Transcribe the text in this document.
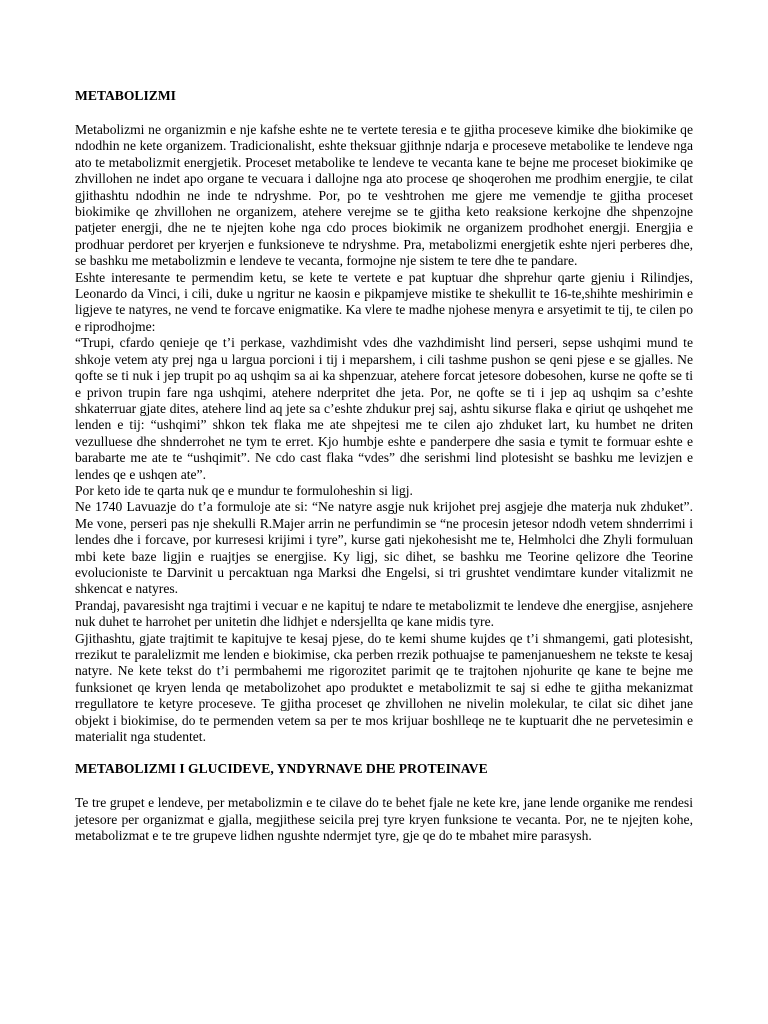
METABOLIZMI

Metabolizmi ne organizmin e nje kafshe eshte ne te vertete teresia e te gjitha proceseve kimike dhe biokimike qe ndodhin ne kete organizem. Tradicionalisht, eshte theksuar gjithnje ndarja e proceseve metabolike te lendeve nga ato te metabolizmit energjetik. Proceset metabolike te lendeve te vecanta kane te bejne me proceset biokimike qe zhvillohen ne indet apo organe te vecuara i dallojne nga ato procese qe shoqerohen me prodhim energjie, te cilat gjithashtu ndodhin ne inde te ndryshme. Por, po te veshtrohen me gjere me vemendje te gjitha proceset biokimike qe zhvillohen ne organizem, atehere verejme se te gjitha keto reaksione kerkojne dhe shpenzojne patjeter energji, dhe ne te njejten kohe nga cdo proces biokimik ne organizem prodhohet energji. Energjia e prodhuar perdoret per kryerjen e funksioneve te ndryshme. Pra, metabolizmi energjetik eshte njeri perberes dhe, se bashku me metabolizmin e lendeve te vecanta, formojne nje sistem te tere dhe te pandare.

Eshte interesante te permendim ketu, se kete te vertete e pat kuptuar dhe shprehur qarte gjeniu i Rilindjes, Leonardo da Vinci, i cili, duke u ngritur ne kaosin e pikpamjeve mistike te shekullit te 16-te,shihte meshirimin e ligjeve te natyres, ne vend te forcave enigmatike. Ka vlere te madhe njohese menyra e arsyetimit te tij, te cilen po e riprodhojme:

“Trupi, cfardo qenieje qe t’i perkase, vazhdimisht vdes dhe vazhdimisht lind perseri, sepse ushqimi mund te shkoje vetem aty prej nga u largua porcioni i tij i meparshem, i cili tashme pushon se qeni pjese e se gjalles. Ne qofte se ti nuk i jep trupit po aq ushqim sa ai ka shpenzuar, atehere forcat jetesore dobesohen, kurse ne qofte se ti e privon trupin fare nga ushqimi, atehere nderpritet dhe jeta. Por, ne qofte se ti i jep aq ushqim sa c’eshte shkaterruar gjate dites, atehere lind aq jete sa c’eshte zhdukur prej saj, ashtu sikurse flaka e qiriut qe ushqehet me lenden e tij: “ushqimi” shkon tek flaka me ate shpejtesi me te cilen ajo zhduket lart, ku humbet ne driten vezulluese dhe shnderrohet ne tym te erret. Kjo humbje eshte e panderpere dhe sasia e tymit te formuar eshte e barabarte me ate te “ushqimit”. Ne cdo cast flaka “vdes” dhe serishmi lind plotesisht se bashku me levizjen e lendes qe e ushqen ate”.

Por keto ide te qarta nuk qe e mundur te formuloheshin si ligj.

Ne 1740 Lavuazje do t’a formuloje ate si: “Ne natyre asgje nuk krijohet prej asgjeje dhe materja nuk zhduket”. Me vone, perseri pas nje shekulli R.Majer arrin ne perfundimin se “ne procesin jetesor ndodh vetem shnderrimi i lendes dhe i forcave, por kurresesi krijimi i tyre”, kurse gati njekohesisht me te, Helmholci dhe Zhyli formuluan mbi kete baze ligjin e ruajtjes se energjise. Ky ligj, sic dihet, se bashku me Teorine qelizore dhe Teorine evolucioniste te Darvinit u percaktuan nga Marksi dhe Engelsi, si tri grushtet vendimtare kunder vitalizmit ne shkencat e natyres.

Prandaj, pavaresisht nga trajtimi i vecuar e ne kapituj te ndare te metabolizmit te lendeve dhe energjise, asnjehere nuk duhet te harrohet per unitetin dhe lidhjet e ndersjellta qe kane midis tyre.

Gjithashtu, gjate trajtimit te kapitujve te kesaj pjese, do te kemi shume kujdes qe t’i shmangemi, gati plotesisht, rrezikut te paralelizmit me lenden e biokimise, cka perben rrezik pothuajse te pamenjanueshem ne tekste te kesaj natyre. Ne kete tekst do t’i permbahemi me rigorozitet parimit qe te trajtohen njohurite qe kane te bejne me funksionet qe kryen lenda qe metabolizohet apo produktet e metabolizmit te saj si edhe te gjitha mekanizmat rregullatore te ketyre proceseve. Te gjitha proceset qe zhvillohen ne nivelin molekular, te cilat sic dihet jane objekt i biokimise, do te permenden vetem sa per te mos krijuar boshlleqe ne te kuptuarit dhe ne pervetesimin e materialit nga studentet.

METABOLIZMI I GLUCIDEVE, YNDYRNAVE DHE PROTEINAVE

Te tre grupet e lendeve, per metabolizmin e te cilave do te behet fjale ne kete kre, jane lende organike me rendesi jetesore per organizmat e gjalla, megjithese seicila prej tyre kryen funksione te vecanta. Por, ne te njejten kohe, metabolizmat e te tre grupeve lidhen ngushte ndermjet tyre, gje qe do te mbahet mire parasysh.
